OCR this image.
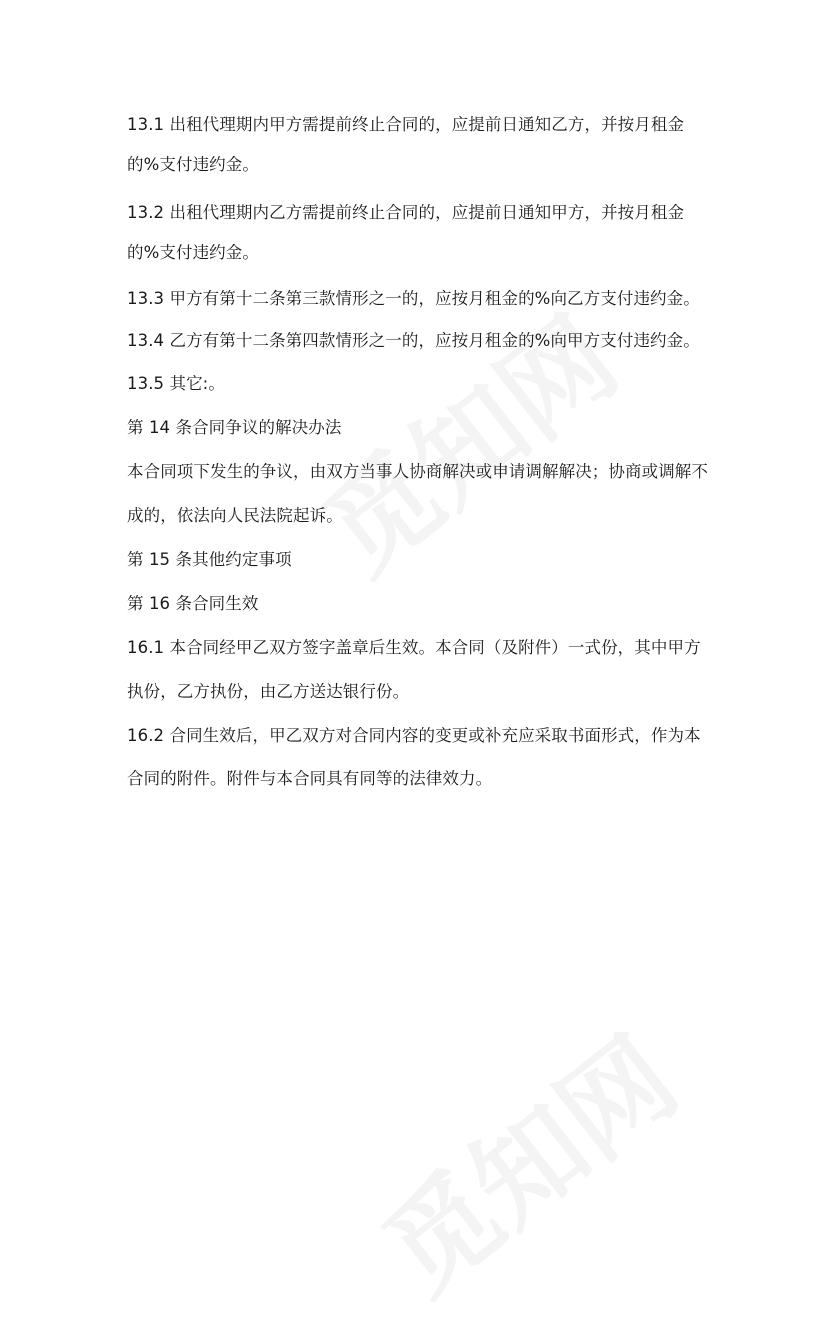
13.1 出租代理期内甲方需提前终止合同的，应提前日通知乙方，并按月租金
的%支付违约金。
13.2 出租代理期内乙方需提前终止合同的，应提前日通知甲方，并按月租金
的%支付违约金。
13.3 甲方有第十二条第三款情形之一的，应按月租金的%向乙方支付违约金。
13.4 乙方有第十二条第四款情形之一的，应按月租金的%向甲方支付违约金。
13.5 其它:。
第 14 条合同争议的解决办法
本合同项下发生的争议，由双方当事人协商解决或申请调解解决；协商或调解不
成的，依法向人民法院起诉。
第 15 条其他约定事项
第 16 条合同生效
16.1 本合同经甲乙双方签字盖章后生效。本合同（及附件）一式份，其中甲方
执份，乙方执份，由乙方送达银行份。
16.2 合同生效后，甲乙双方对合同内容的变更或补充应采取书面形式，作为本
合同的附件。附件与本合同具有同等的法律效力。
